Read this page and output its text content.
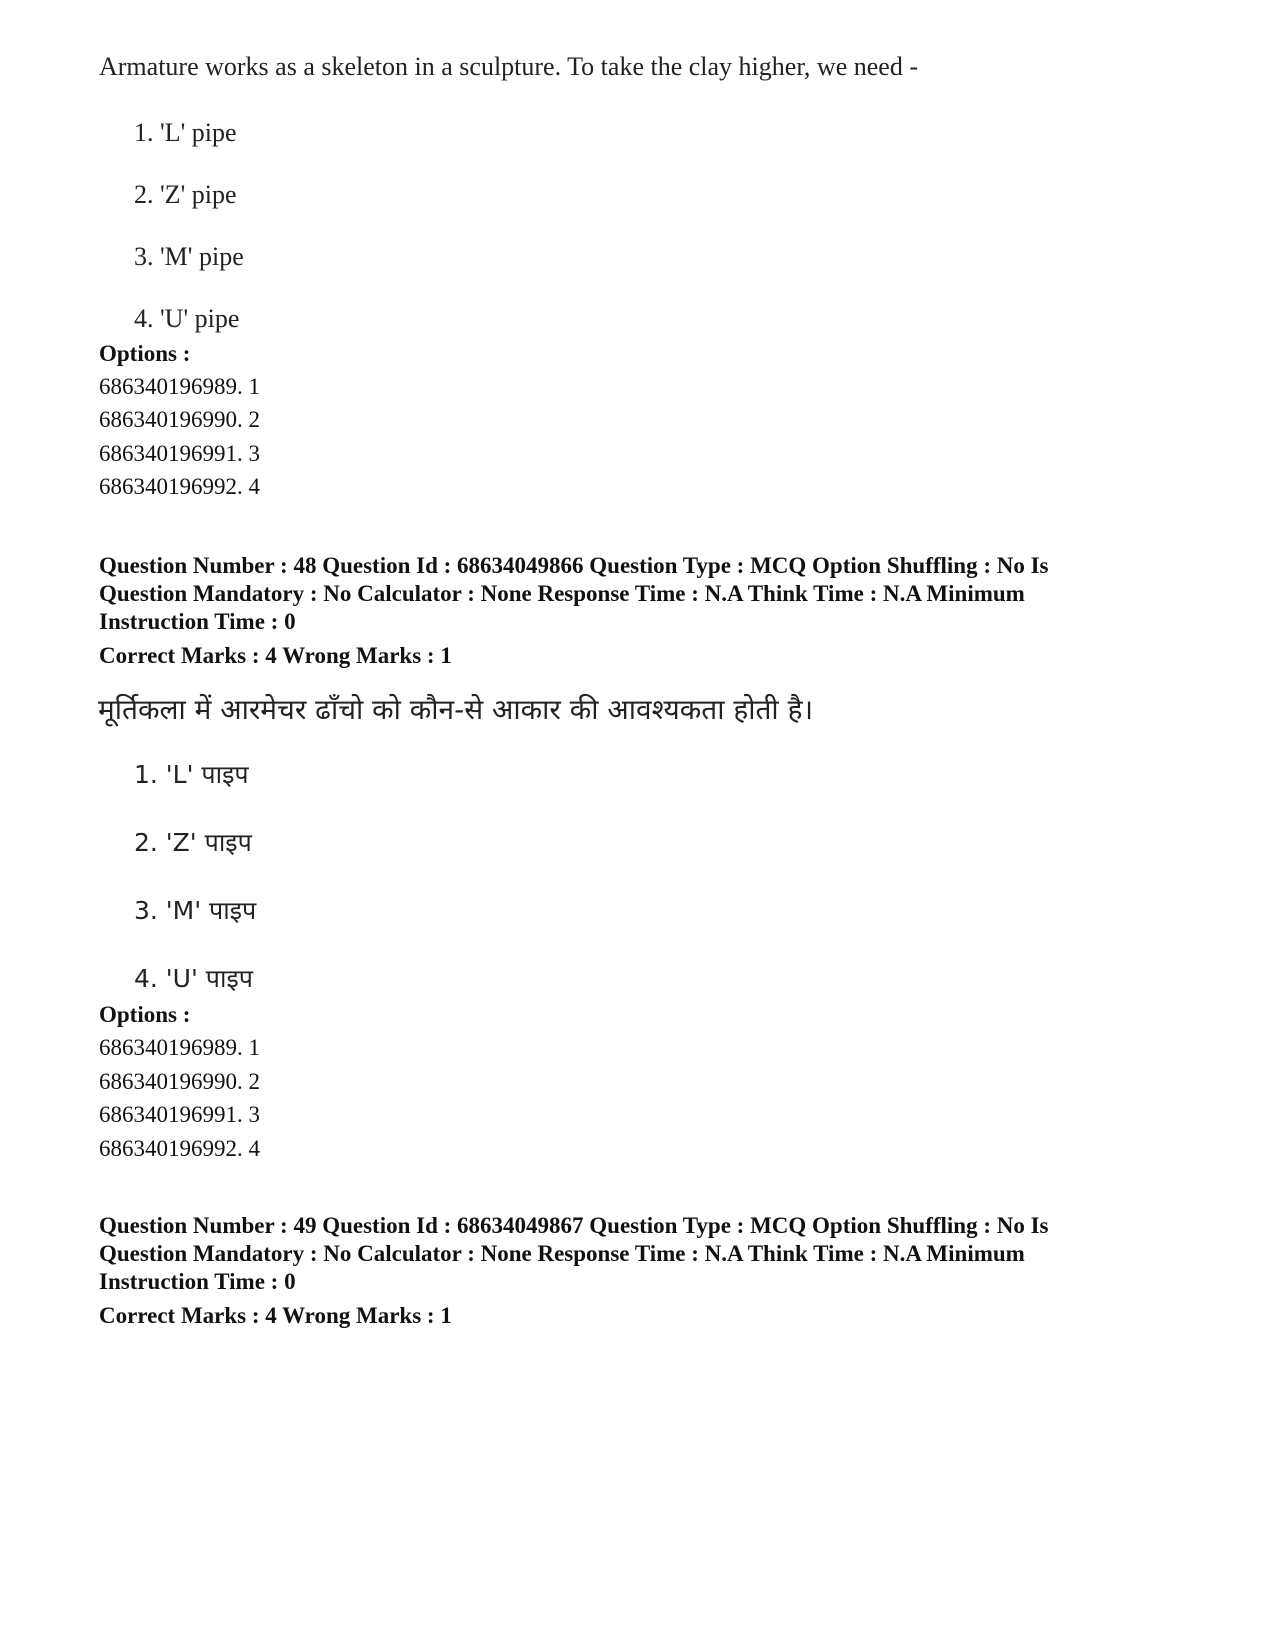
Armature works as a skeleton in a sculpture. To take the clay higher, we need -
1. 'L' pipe
2. 'Z' pipe
3. 'M' pipe
4. 'U' pipe
Options :
686340196989. 1
686340196990. 2
686340196991. 3
686340196992. 4
Question Number : 48 Question Id : 68634049866 Question Type : MCQ Option Shuffling : No Is
Question Mandatory : No Calculator : None Response Time : N.A Think Time : N.A Minimum
Instruction Time : 0
Correct Marks : 4 Wrong Marks : 1
मूर्तिकला में आरमेचर ढाँचो को कौन-से आकार की आवश्यकता होती है।
1. 'L' पाइप
2. 'Z' पाइप
3. 'M' पाइप
4. 'U' पाइप
Options :
686340196989. 1
686340196990. 2
686340196991. 3
686340196992. 4
Question Number : 49 Question Id : 68634049867 Question Type : MCQ Option Shuffling : No Is
Question Mandatory : No Calculator : None Response Time : N.A Think Time : N.A Minimum
Instruction Time : 0
Correct Marks : 4 Wrong Marks : 1
